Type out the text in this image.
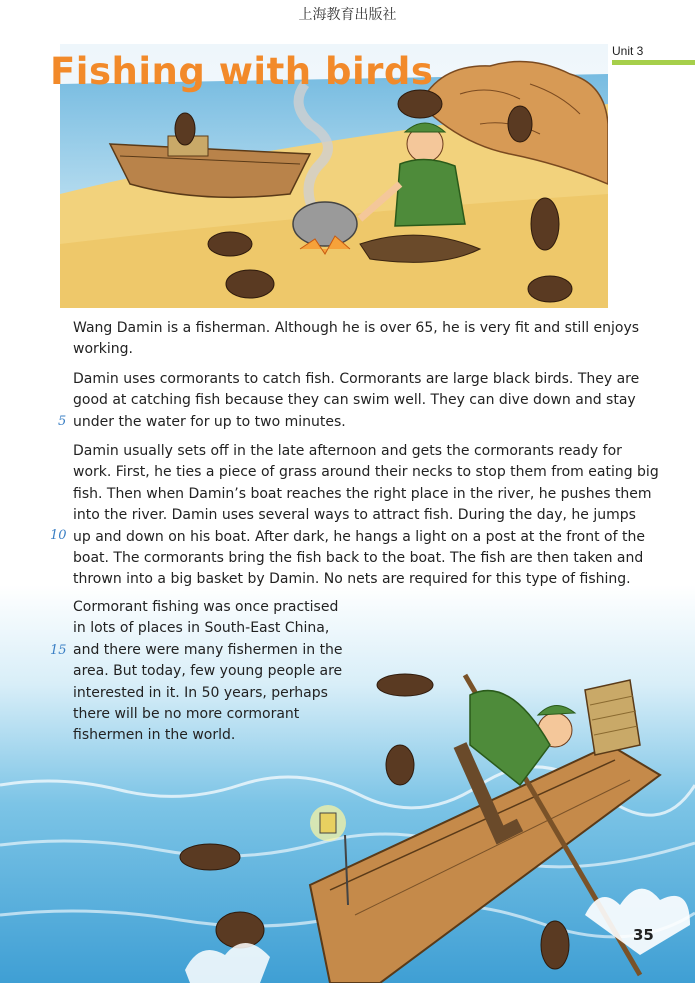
上海教育出版社
Unit 3
Fishing with birds
5
10
15
Wang Damin is a fisherman. Although he is over 65, he is very fit and still enjoys
working.
Damin uses cormorants to catch fish. Cormorants are large black birds. They are
good at catching fish because they can swim well. They can dive down and stay
under the water for up to two minutes.
Damin usually sets off in the late afternoon and gets the cormorants ready for
work. First, he ties a piece of grass around their necks to stop them from eating big
fish. Then when Damin’s boat reaches the right place in the river, he pushes them
into the river. Damin uses several ways to attract fish. During the day, he jumps
up and down on his boat. After dark, he hangs a light on a post at the front of the
boat. The cormorants bring the fish back to the boat. The fish are then taken and
thrown into a big basket by Damin. No nets are required for this type of fishing.
Cormorant fishing was once practised
in lots of places in South-East China,
and there were many fishermen in the
area. But today, few young people are
interested in it. In 50 years, perhaps
there will be no more cormorant
fishermen in the world.
35
